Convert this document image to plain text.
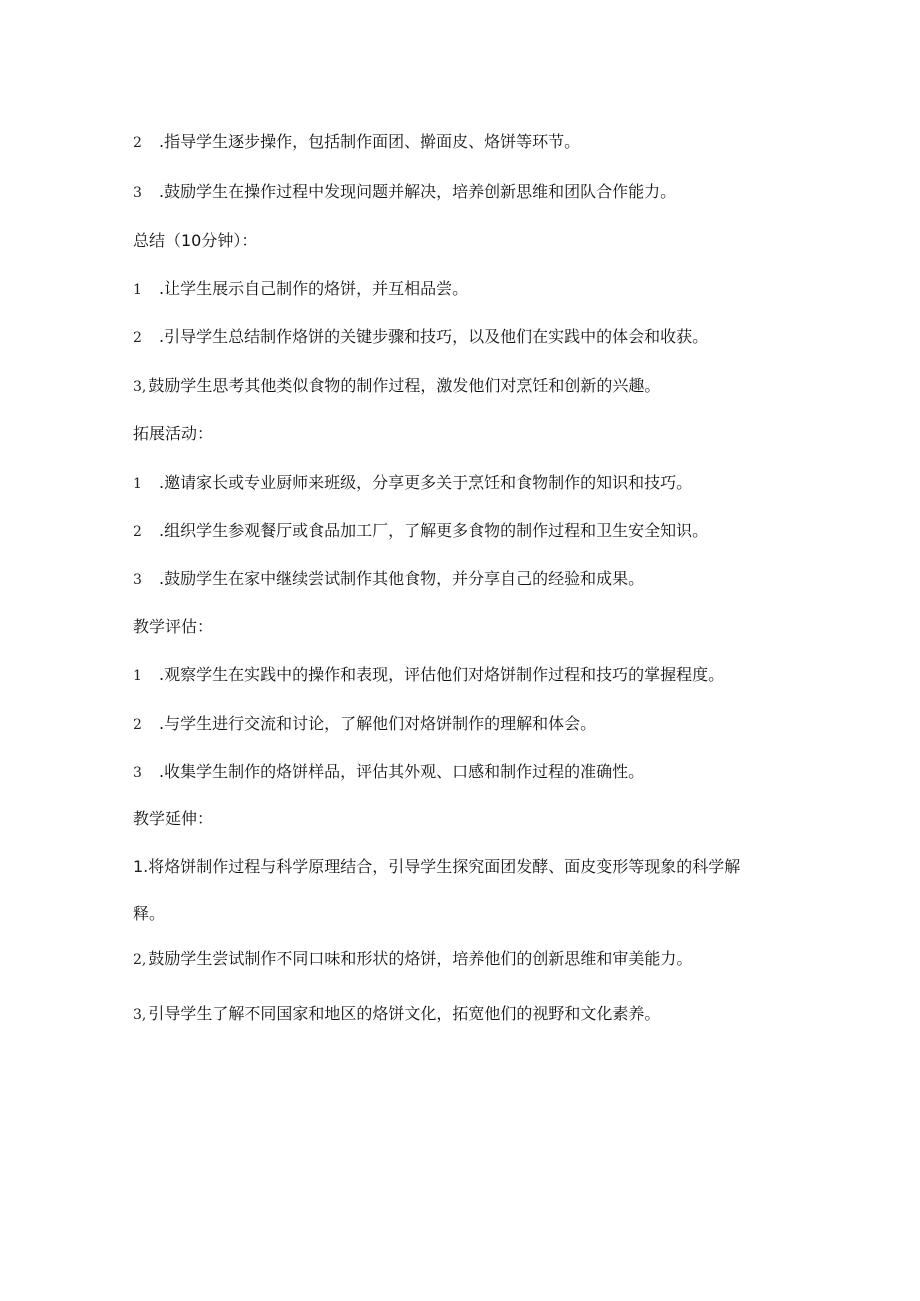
2 .指导学生逐步操作，包括制作面团、擀面皮、烙饼等环节。
3 .鼓励学生在操作过程中发现问题并解决，培养创新思维和团队合作能力。
总结（10分钟）：
1 .让学生展示自己制作的烙饼，并互相品尝。
2 .引导学生总结制作烙饼的关键步骤和技巧，以及他们在实践中的体会和收获。
3, 鼓励学生思考其他类似食物的制作过程，激发他们对烹饪和创新的兴趣。
拓展活动：
1 .邀请家长或专业厨师来班级，分享更多关于烹饪和食物制作的知识和技巧。
2 .组织学生参观餐厅或食品加工厂，了解更多食物的制作过程和卫生安全知识。
3 .鼓励学生在家中继续尝试制作其他食物，并分享自己的经验和成果。
教学评估：
1 .观察学生在实践中的操作和表现，评估他们对烙饼制作过程和技巧的掌握程度。
2 .与学生进行交流和讨论，了解他们对烙饼制作的理解和体会。
3 .收集学生制作的烙饼样品，评估其外观、口感和制作过程的准确性。
教学延伸：
1.将烙饼制作过程与科学原理结合，引导学生探究面团发酵、面皮变形等现象的科学解
释。
2, 鼓励学生尝试制作不同口味和形状的烙饼，培养他们的创新思维和审美能力。
3, 引导学生了解不同国家和地区的烙饼文化，拓宽他们的视野和文化素养。
